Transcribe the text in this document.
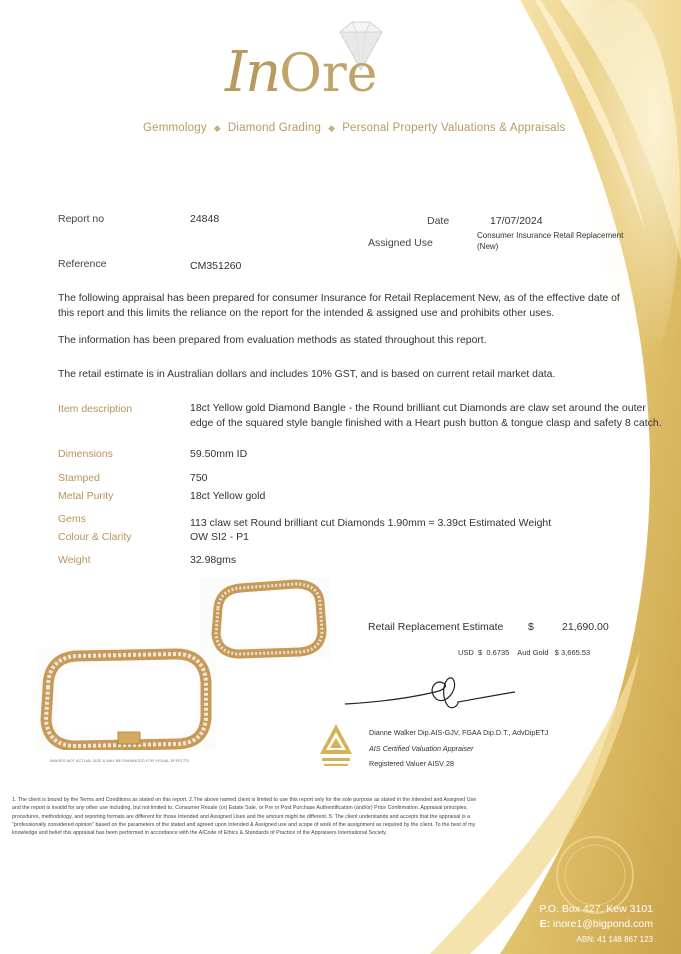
InOre
Gemmology ◆ Diamond Grading ◆ Personal Property Valuations & Appraisals
Report no	24848	Date	17/07/2024
Assigned Use
Consumer Insurance Retail Replacement
(New)
Reference	CM351260
The following appraisal has been prepared for consumer Insurance for Retail Replacement New, as of the effective date of this report and this limits the reliance on the report for the intended & assigned use and prohibits other uses.
The information has been prepared from evaluation methods as stated throughout this report.
The retail estimate is in Australian dollars and includes 10% GST, and is based on current retail market data.
Item description	18ct Yellow gold Diamond Bangle - the Round brilliant cut Diamonds are claw set around the outer
edge of the squared style bangle finished with a Heart push button & tongue clasp and safety 8 catch.
Dimensions	59.50mm ID
Stamped	750
Metal Purity	18ct Yellow gold
Gems	113 claw set Round brilliant cut Diamonds 1.90mm = 3.39ct Estimated Weight
Colour & Clarity	OW SI2 - P1
Weight	32.98gms
IMAGES NOT ACTUAL SIZE & MAY BE ENHANCED FOR VISUAL EFFECTS
Retail Replacement Estimate $	21,690.00
USD $ 0.6735 Aud Gold $ 3,665.53
Dianne Walker Dip.AIS-GJV, FGAA Dip.D.T., AdvDipETJ
AIS Certified Valuation Appraiser
Registered Valuer AISV 28
1. The client is bound by the Terms and Conditions as stated on this report. 2.The above named client is limited to use this report only for the sole purpose as stated in the Intended and Assigned Use and the report is invalid for any other use including, but not limited to, Consumer Resale (or) Estate Sale, or Pre or Post Purchase Authentification (and/or) Price Confirmation. Appraisal principles, procedures, methodology, and reporting formats are different for those Intended and Assigned Uses and the amount might be different. 5. The client understands and accepts that the appraisal is a "professionally considered opinion" based on the parameters of the stated and agreed upon Intended & Assigned use and scope of work of the assignment as required by the client. To the best of my knowledge and belief this appraisal has been performed in accordance with the AICode of Ethics & Standards of Practice of the Appraisers International Society.
P.O. Box 427, Kew 3101
E: inore1@bigpond.com
ABN: 41 148 867 123
